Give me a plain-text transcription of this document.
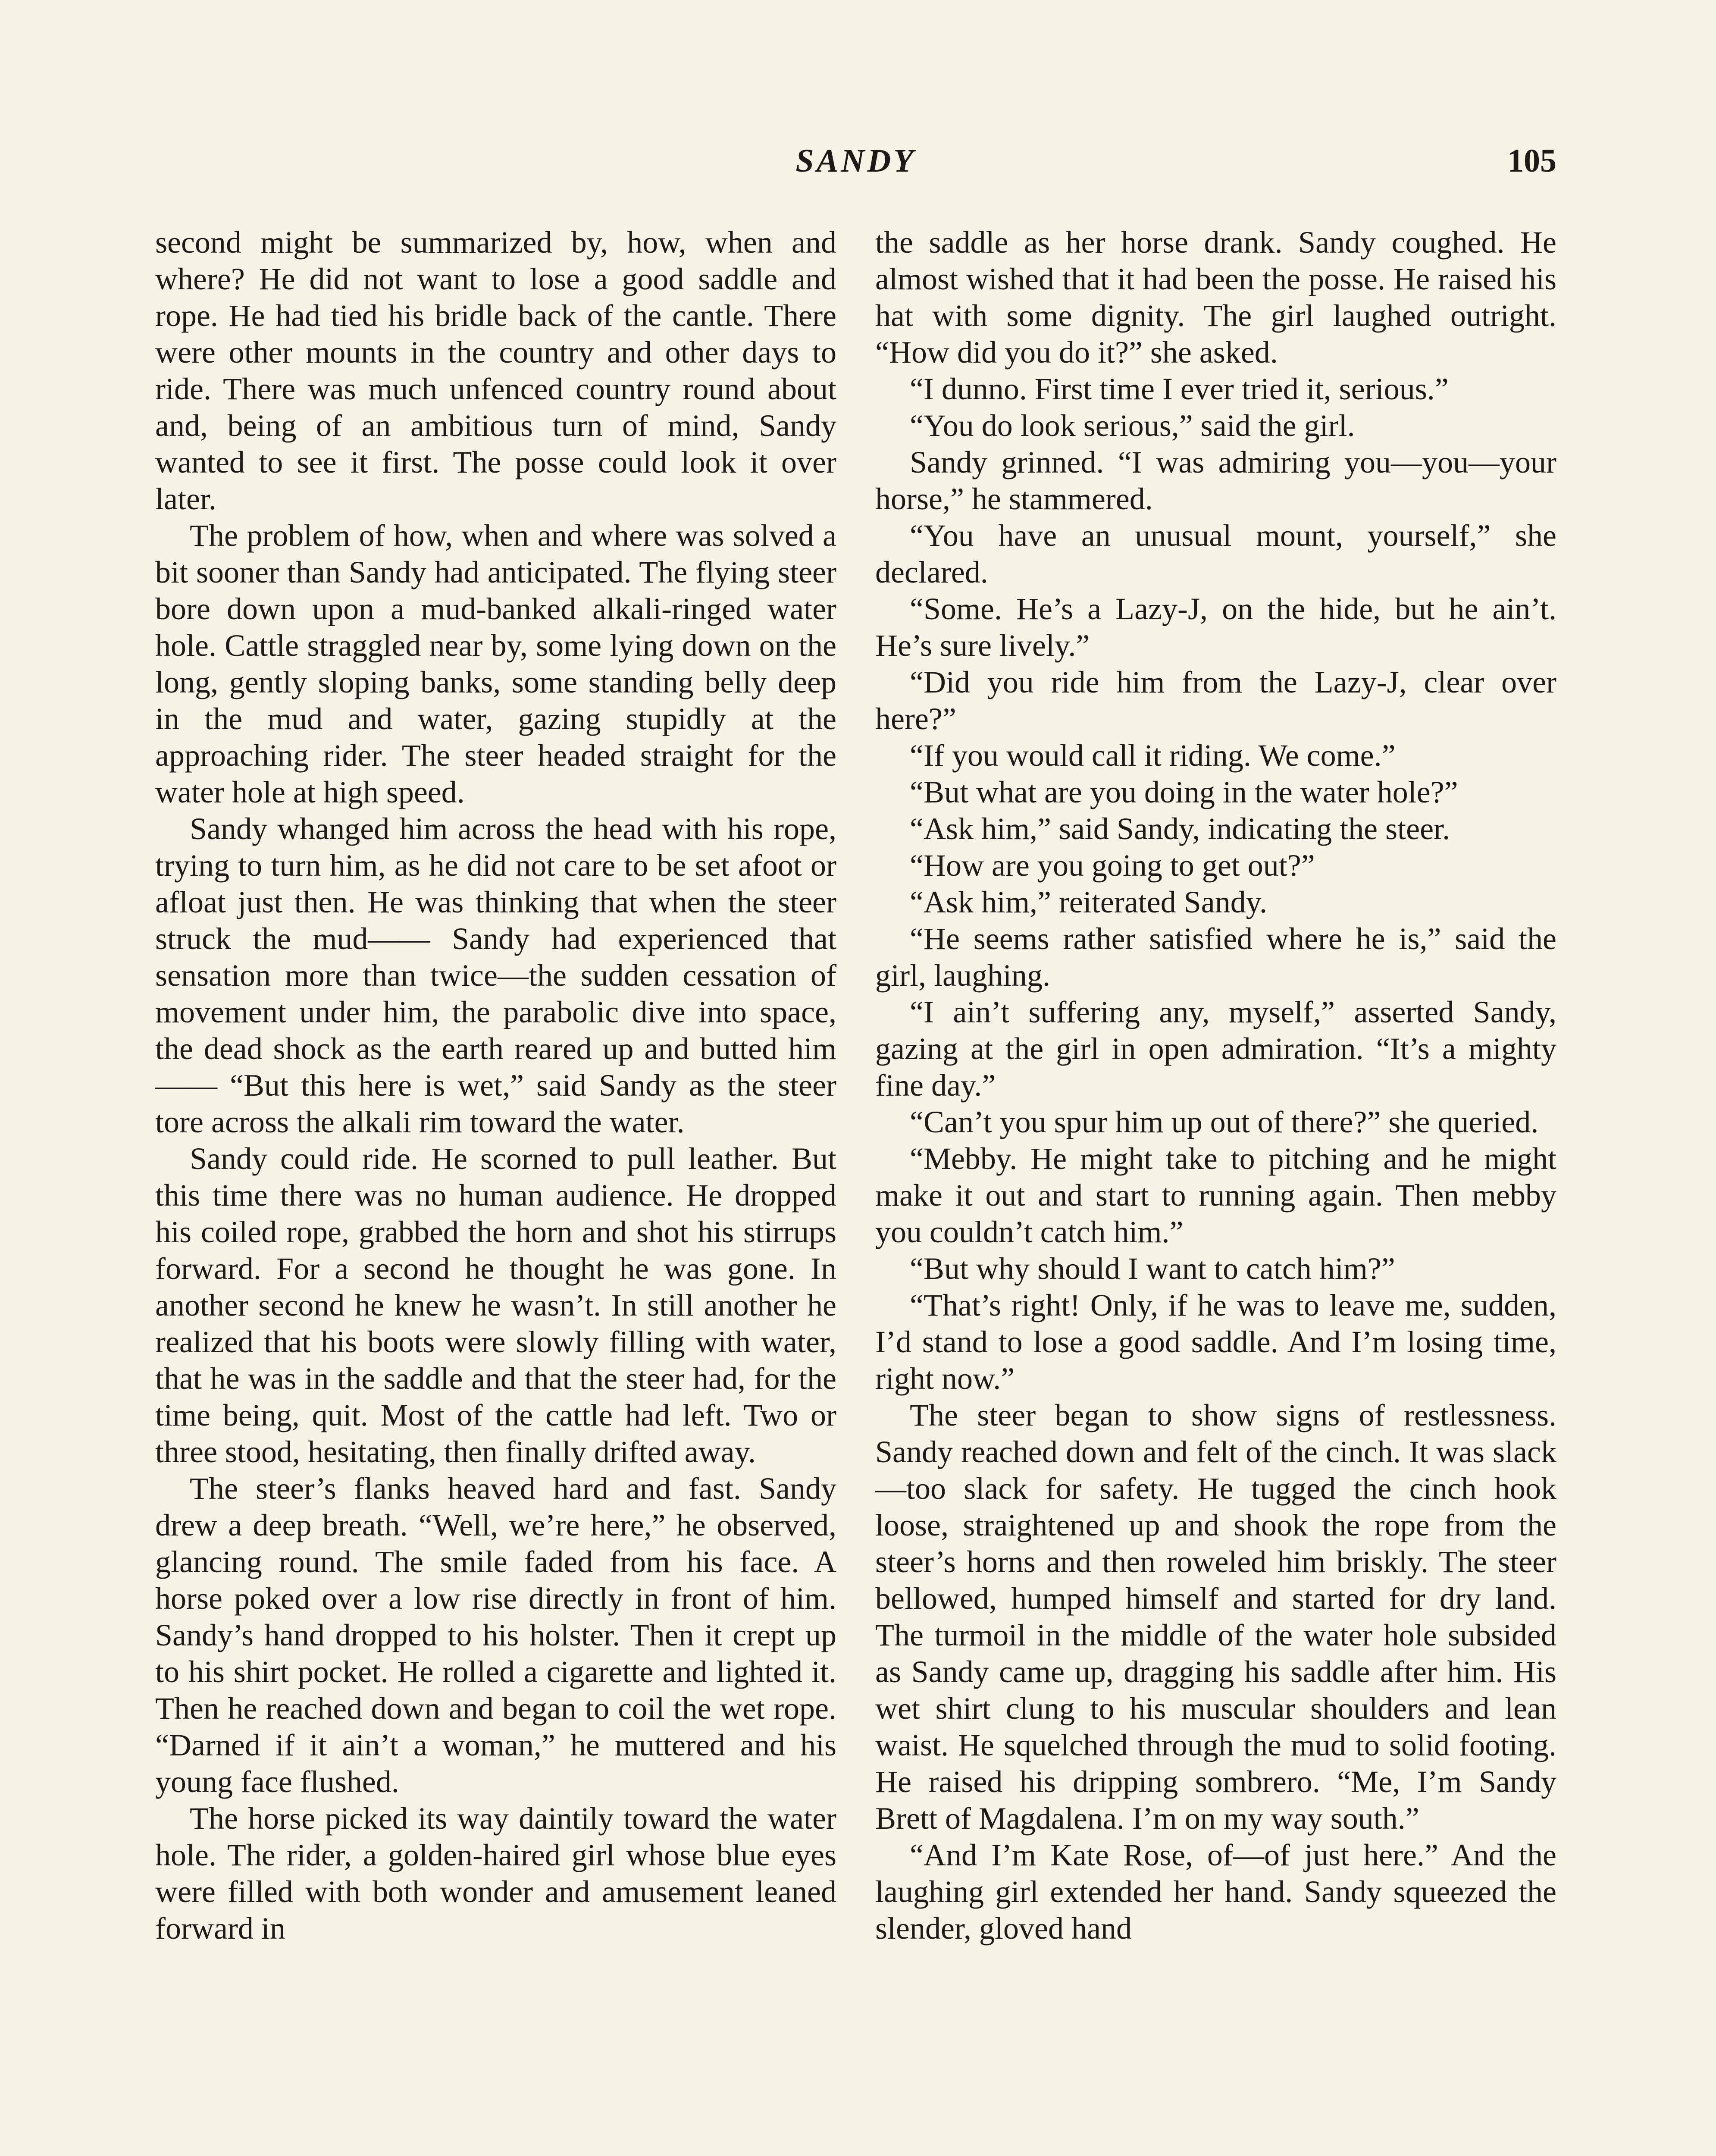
SANDY	105

second might be summarized by, how, when and where? He did not want to lose a good saddle and rope. He had tied his bridle back of the cantle. There were other mounts in the country and other days to ride. There was much unfenced country round about and, being of an ambitious turn of mind, Sandy wanted to see it first. The posse could look it over later.

The problem of how, when and where was solved a bit sooner than Sandy had anticipated. The flying steer bore down upon a mud-banked alkali-ringed water hole. Cattle straggled near by, some lying down on the long, gently sloping banks, some standing belly deep in the mud and water, gazing stupidly at the approaching rider. The steer headed straight for the water hole at high speed.

Sandy whanged him across the head with his rope, trying to turn him, as he did not care to be set afoot or afloat just then. He was thinking that when the steer struck the mud—— Sandy had experienced that sensation more than twice—the sudden cessation of movement under him, the parabolic dive into space, the dead shock as the earth reared up and butted him—— “But this here is wet,” said Sandy as the steer tore across the alkali rim toward the water.

Sandy could ride. He scorned to pull leather. But this time there was no human audience. He dropped his coiled rope, grabbed the horn and shot his stirrups forward. For a second he thought he was gone. In another second he knew he wasn’t. In still another he realized that his boots were slowly filling with water, that he was in the saddle and that the steer had, for the time being, quit. Most of the cattle had left. Two or three stood, hesitating, then finally drifted away.

The steer’s flanks heaved hard and fast. Sandy drew a deep breath. “Well, we’re here,” he observed, glancing round. The smile faded from his face. A horse poked over a low rise directly in front of him. Sandy’s hand dropped to his holster. Then it crept up to his shirt pocket. He rolled a cigarette and lighted it. Then he reached down and began to coil the wet rope. “Darned if it ain’t a woman,” he muttered and his young face flushed.

The horse picked its way daintily toward the water hole. The rider, a golden-haired girl whose blue eyes were filled with both wonder and amusement leaned forward in

the saddle as her horse drank. Sandy coughed. He almost wished that it had been the posse. He raised his hat with some dignity. The girl laughed outright. “How did you do it?” she asked.

“I dunno. First time I ever tried it, serious.”

“You do look serious,” said the girl.

Sandy grinned. “I was admiring you—you—your horse,” he stammered.

“You have an unusual mount, yourself,” she declared.

“Some. He’s a Lazy-J, on the hide, but he ain’t. He’s sure lively.”

“Did you ride him from the Lazy-J, clear over here?”

“If you would call it riding. We come.”

“But what are you doing in the water hole?”

“Ask him,” said Sandy, indicating the steer.

“How are you going to get out?”

“Ask him,” reiterated Sandy.

“He seems rather satisfied where he is,” said the girl, laughing.

“I ain’t suffering any, myself,” asserted Sandy, gazing at the girl in open admiration. “It’s a mighty fine day.”

“Can’t you spur him up out of there?” she queried.

“Mebby. He might take to pitching and he might make it out and start to running again. Then mebby you couldn’t catch him.”

“But why should I want to catch him?”

“That’s right! Only, if he was to leave me, sudden, I’d stand to lose a good saddle. And I’m losing time, right now.”

The steer began to show signs of restlessness. Sandy reached down and felt of the cinch. It was slack—too slack for safety. He tugged the cinch hook loose, straightened up and shook the rope from the steer’s horns and then roweled him briskly. The steer bellowed, humped himself and started for dry land. The turmoil in the middle of the water hole subsided as Sandy came up, dragging his saddle after him. His wet shirt clung to his muscular shoulders and lean waist. He squelched through the mud to solid footing. He raised his dripping sombrero. “Me, I’m Sandy Brett of Magdalena. I’m on my way south.”

“And I’m Kate Rose, of—of just here.” And the laughing girl extended her hand. Sandy squeezed the slender, gloved hand
